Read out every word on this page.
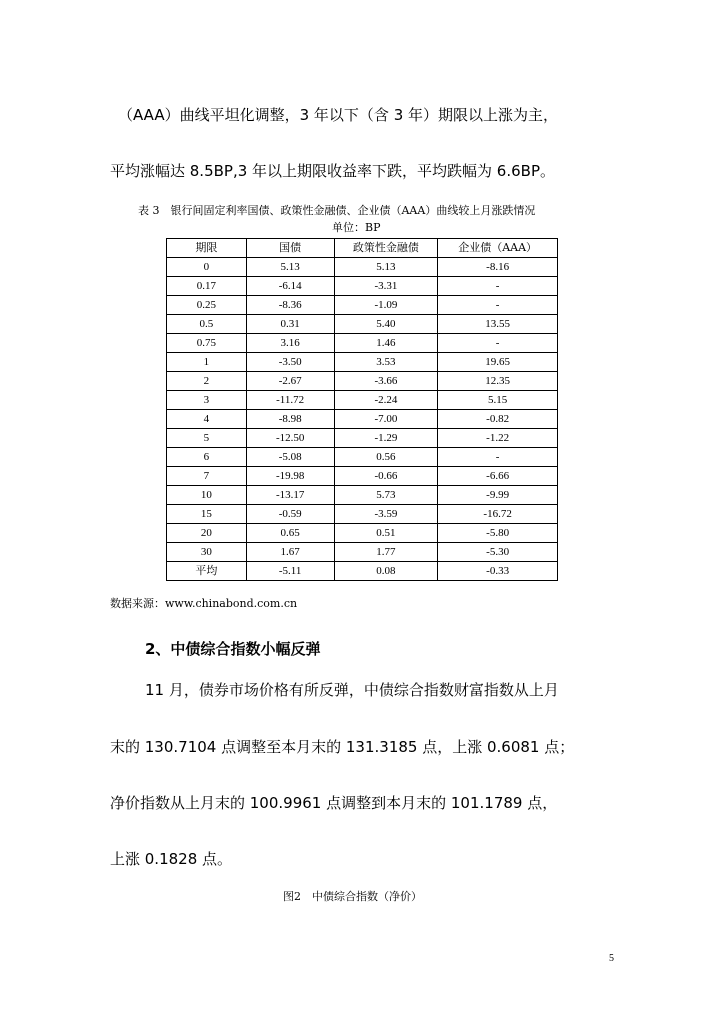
（AAA）曲线平坦化调整，3 年以下（含 3 年）期限以上涨为主，
平均涨幅达 8.5BP,3 年以上期限收益率下跌，平均跌幅为 6.6BP。
表 3　银行间固定利率国债、政策性金融债、企业债（AAA）曲线较上月涨跌情况
单位：BP
期限	国债	政策性金融债	企业债（AAA）
0	5.13	5.13	-8.16
0.17	-6.14	-3.31	-
0.25	-8.36	-1.09	-
0.5	0.31	5.40	13.55
0.75	3.16	1.46	-
1	-3.50	3.53	19.65
2	-2.67	-3.66	12.35
3	-11.72	-2.24	5.15
4	-8.98	-7.00	-0.82
5	-12.50	-1.29	-1.22
6	-5.08	0.56	-
7	-19.98	-0.66	-6.66
10	-13.17	5.73	-9.99
15	-0.59	-3.59	-16.72
20	0.65	0.51	-5.80
30	1.67	1.77	-5.30
平均	-5.11	0.08	-0.33
数据来源：www.chinabond.com.cn
2、中债综合指数小幅反弹
11 月，债券市场价格有所反弹，中债综合指数财富指数从上月
末的 130.7104 点调整至本月末的 131.3185 点，上涨 0.6081 点；
净价指数从上月末的 100.9961 点调整到本月末的 101.1789 点，
上涨 0.1828 点。
图2　中债综合指数（净价）
5
